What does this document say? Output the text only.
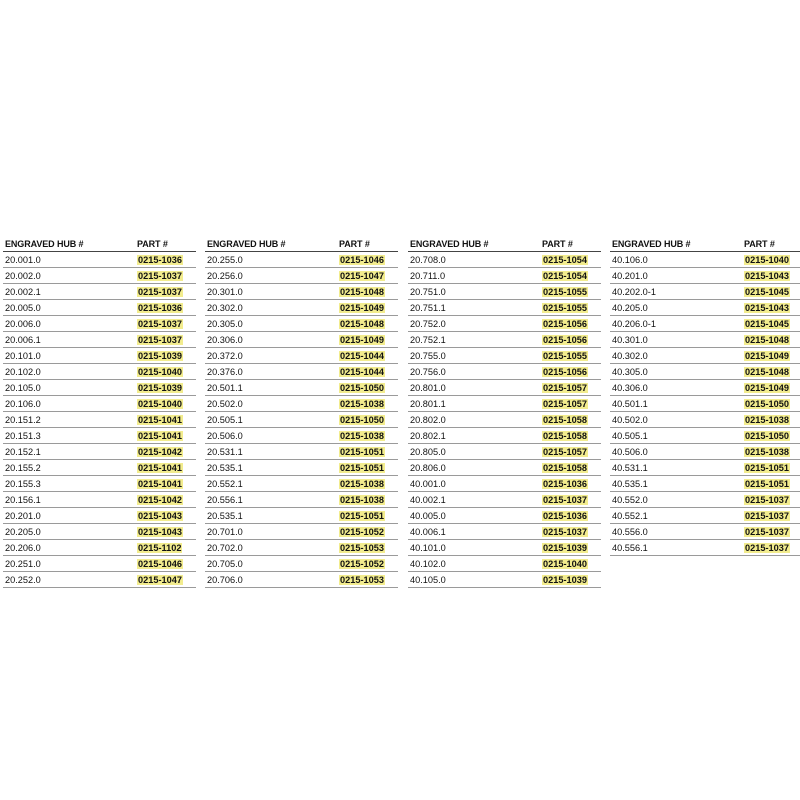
ENGRAVED HUB #	PART #
20.001.0	0215-1036
20.002.0	0215-1037
20.002.1	0215-1037
20.005.0	0215-1036
20.006.0	0215-1037
20.006.1	0215-1037
20.101.0	0215-1039
20.102.0	0215-1040
20.105.0	0215-1039
20.106.0	0215-1040
20.151.2	0215-1041
20.151.3	0215-1041
20.152.1	0215-1042
20.155.2	0215-1041
20.155.3	0215-1041
20.156.1	0215-1042
20.201.0	0215-1043
20.205.0	0215-1043
20.206.0	0215-1102
20.251.0	0215-1046
20.252.0	0215-1047
ENGRAVED HUB #	PART #
20.255.0	0215-1046
20.256.0	0215-1047
20.301.0	0215-1048
20.302.0	0215-1049
20.305.0	0215-1048
20.306.0	0215-1049
20.372.0	0215-1044
20.376.0	0215-1044
20.501.1	0215-1050
20.502.0	0215-1038
20.505.1	0215-1050
20.506.0	0215-1038
20.531.1	0215-1051
20.535.1	0215-1051
20.552.1	0215-1038
20.556.1	0215-1038
20.535.1	0215-1051
20.701.0	0215-1052
20.702.0	0215-1053
20.705.0	0215-1052
20.706.0	0215-1053
ENGRAVED HUB #	PART #
20.708.0	0215-1054
20.711.0	0215-1054
20.751.0	0215-1055
20.751.1	0215-1055
20.752.0	0215-1056
20.752.1	0215-1056
20.755.0	0215-1055
20.756.0	0215-1056
20.801.0	0215-1057
20.801.1	0215-1057
20.802.0	0215-1058
20.802.1	0215-1058
20.805.0	0215-1057
20.806.0	0215-1058
40.001.0	0215-1036
40.002.1	0215-1037
40.005.0	0215-1036
40.006.1	0215-1037
40.101.0	0215-1039
40.102.0	0215-1040
40.105.0	0215-1039
ENGRAVED HUB #	PART #
40.106.0	0215-1040
40.201.0	0215-1043
40.202.0-1	0215-1045
40.205.0	0215-1043
40.206.0-1	0215-1045
40.301.0	0215-1048
40.302.0	0215-1049
40.305.0	0215-1048
40.306.0	0215-1049
40.501.1	0215-1050
40.502.0	0215-1038
40.505.1	0215-1050
40.506.0	0215-1038
40.531.1	0215-1051
40.535.1	0215-1051
40.552.0	0215-1037
40.552.1	0215-1037
40.556.0	0215-1037
40.556.1	0215-1037
